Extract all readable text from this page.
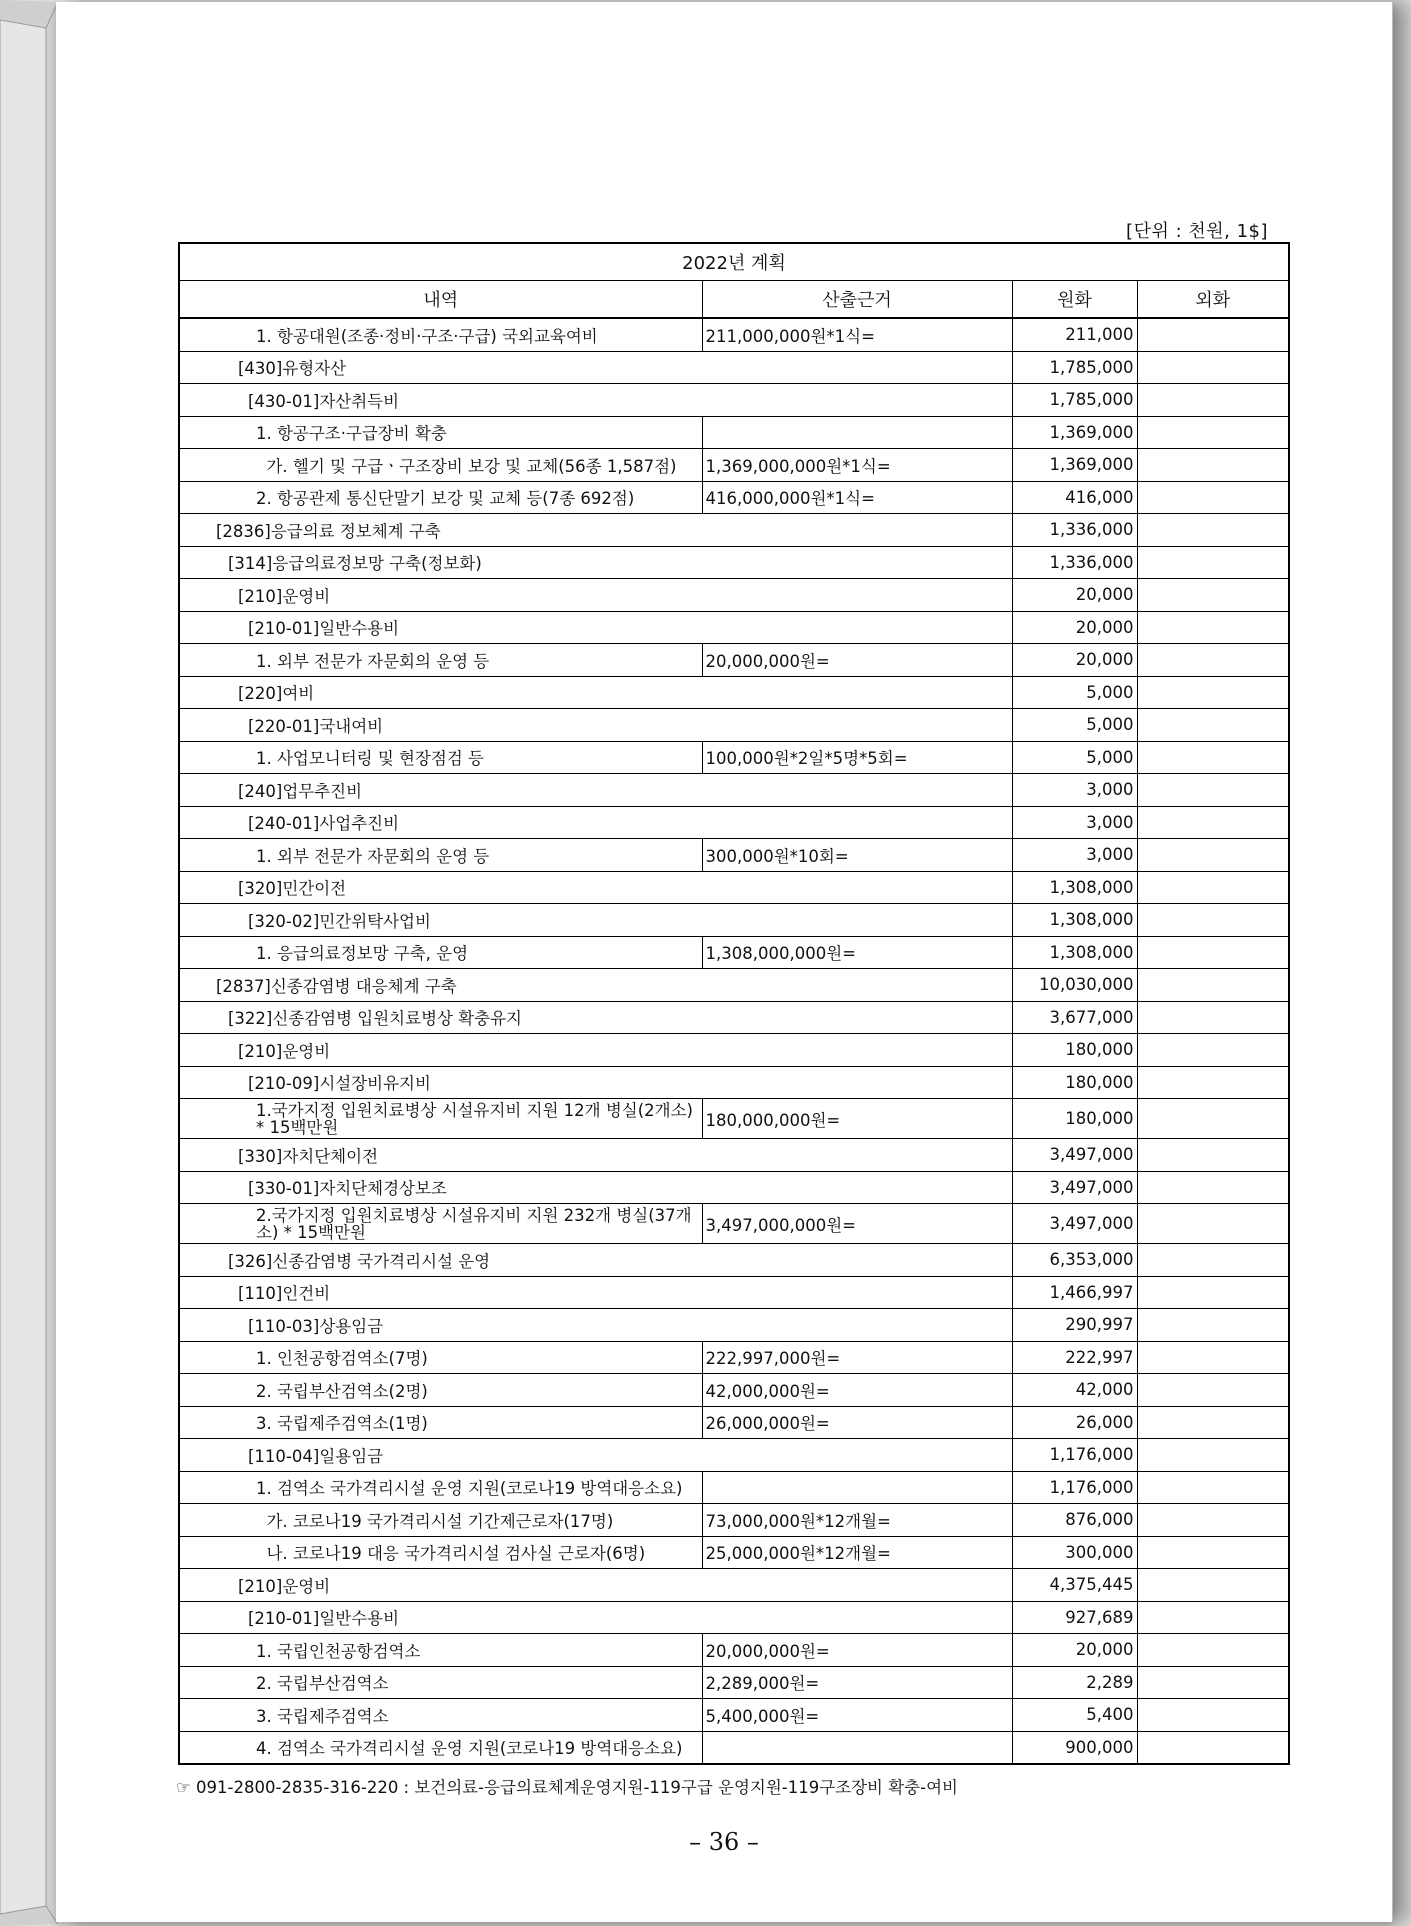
[단위 : 천원, 1$]
2022년 계획			
내역	산출근거	원화	외화
1. 항공대원(조종·정비·구조·구급) 국외교육여비	211,000,000원*1식=	211,000	
[430]유형자산		1,785,000	
[430-01]자산취득비		1,785,000	
1. 항공구조·구급장비 확충		1,369,000	
가. 헬기 및 구급ㆍ구조장비 보강 및 교체(56종 1,587점)	1,369,000,000원*1식=	1,369,000	
2. 항공관제 통신단말기 보강 및 교체 등(7종 692점)	416,000,000원*1식=	416,000	
[2836]응급의료 정보체계 구축		1,336,000	
[314]응급의료정보망 구축(정보화)		1,336,000	
[210]운영비		20,000	
[210-01]일반수용비		20,000	
1. 외부 전문가 자문회의 운영 등	20,000,000원=	20,000	
[220]여비		5,000	
[220-01]국내여비		5,000	
1. 사업모니터링 및 현장점검 등	100,000원*2일*5명*5회=	5,000	
[240]업무추진비		3,000	
[240-01]사업추진비		3,000	
1. 외부 전문가 자문회의 운영 등	300,000원*10회=	3,000	
[320]민간이전		1,308,000	
[320-02]민간위탁사업비		1,308,000	
1. 응급의료정보망 구축, 운영	1,308,000,000원=	1,308,000	
[2837]신종감염병 대응체계 구축		10,030,000	
[322]신종감염병 입원치료병상 확충유지		3,677,000	
[210]운영비		180,000	
[210-09]시설장비유지비		180,000	
1.국가지정 입원치료병상 시설유지비 지원 12개 병실(2개소) * 15백만원	180,000,000원=	180,000	
[330]자치단체이전		3,497,000	
[330-01]자치단체경상보조		3,497,000	
2.국가지정 입원치료병상 시설유지비 지원 232개 병실(37개소) * 15백만원	3,497,000,000원=	3,497,000	
[326]신종감염병 국가격리시설 운영		6,353,000	
[110]인건비		1,466,997	
[110-03]상용임금		290,997	
1. 인천공항검역소(7명)	222,997,000원=	222,997	
2. 국립부산검역소(2명)	42,000,000원=	42,000	
3. 국립제주검역소(1명)	26,000,000원=	26,000	
[110-04]일용임금		1,176,000	
1. 검역소 국가격리시설 운영 지원(코로나19 방역대응소요)		1,176,000	
가. 코로나19 국가격리시설 기간제근로자(17명)	73,000,000원*12개월=	876,000	
나. 코로나19 대응 국가격리시설 검사실 근로자(6명)	25,000,000원*12개월=	300,000	
[210]운영비		4,375,445	
[210-01]일반수용비		927,689	
1. 국립인천공항검역소	20,000,000원=	20,000	
2. 국립부산검역소	2,289,000원=	2,289	
3. 국립제주검역소	5,400,000원=	5,400	
4. 검역소 국가격리시설 운영 지원(코로나19 방역대응소요)		900,000	
☞ 091-2800-2835-316-220 : 보건의료-응급의료체계운영지원-119구급 운영지원-119구조장비 확충-여비
– 36 –
